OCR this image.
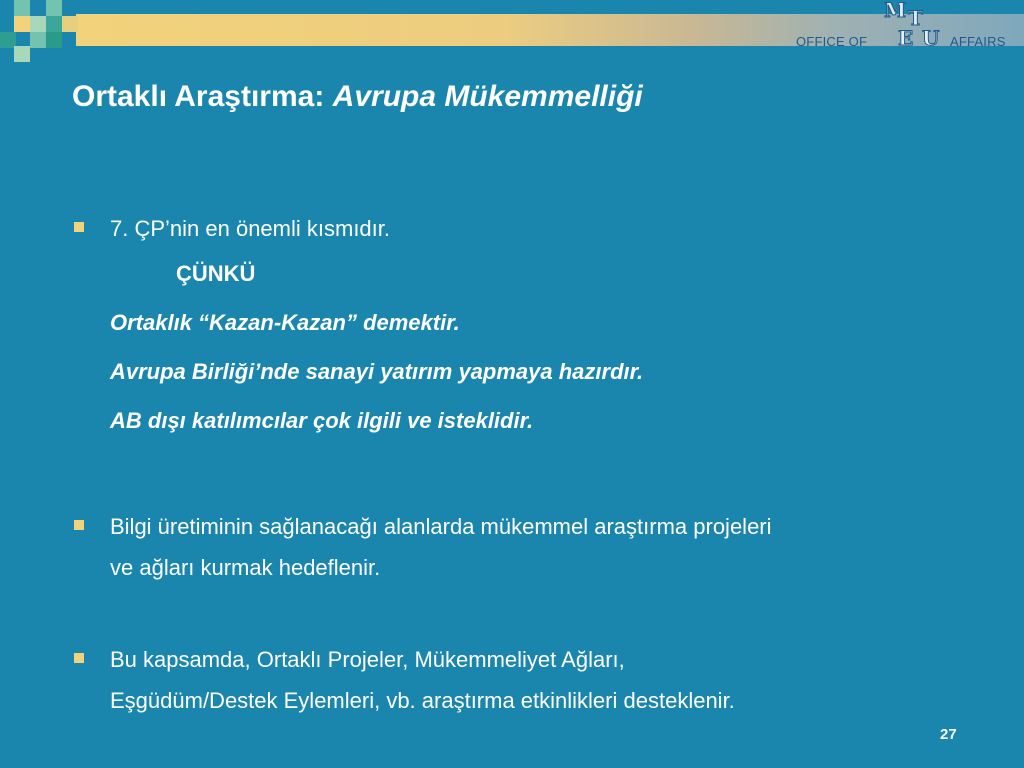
OFFICE OF
M T
E U AFFAIRS
Ortaklı Araştırma: Avrupa Mükemmelliği
7. ÇP’nin en önemli kısmıdır.
ÇÜNKÜ
Ortaklık “Kazan-Kazan” demektir.
Avrupa Birliği’nde sanayi yatırım yapmaya hazırdır.
AB dışı katılımcılar çok ilgili ve isteklidir.
Bilgi üretiminin sağlanacağı alanlarda mükemmel araştırma projeleri
ve ağları kurmak hedeflenir.
Bu kapsamda, Ortaklı Projeler, Mükemmeliyet Ağları,
Eşgüdüm/Destek Eylemleri, vb. araştırma etkinlikleri desteklenir.
27
